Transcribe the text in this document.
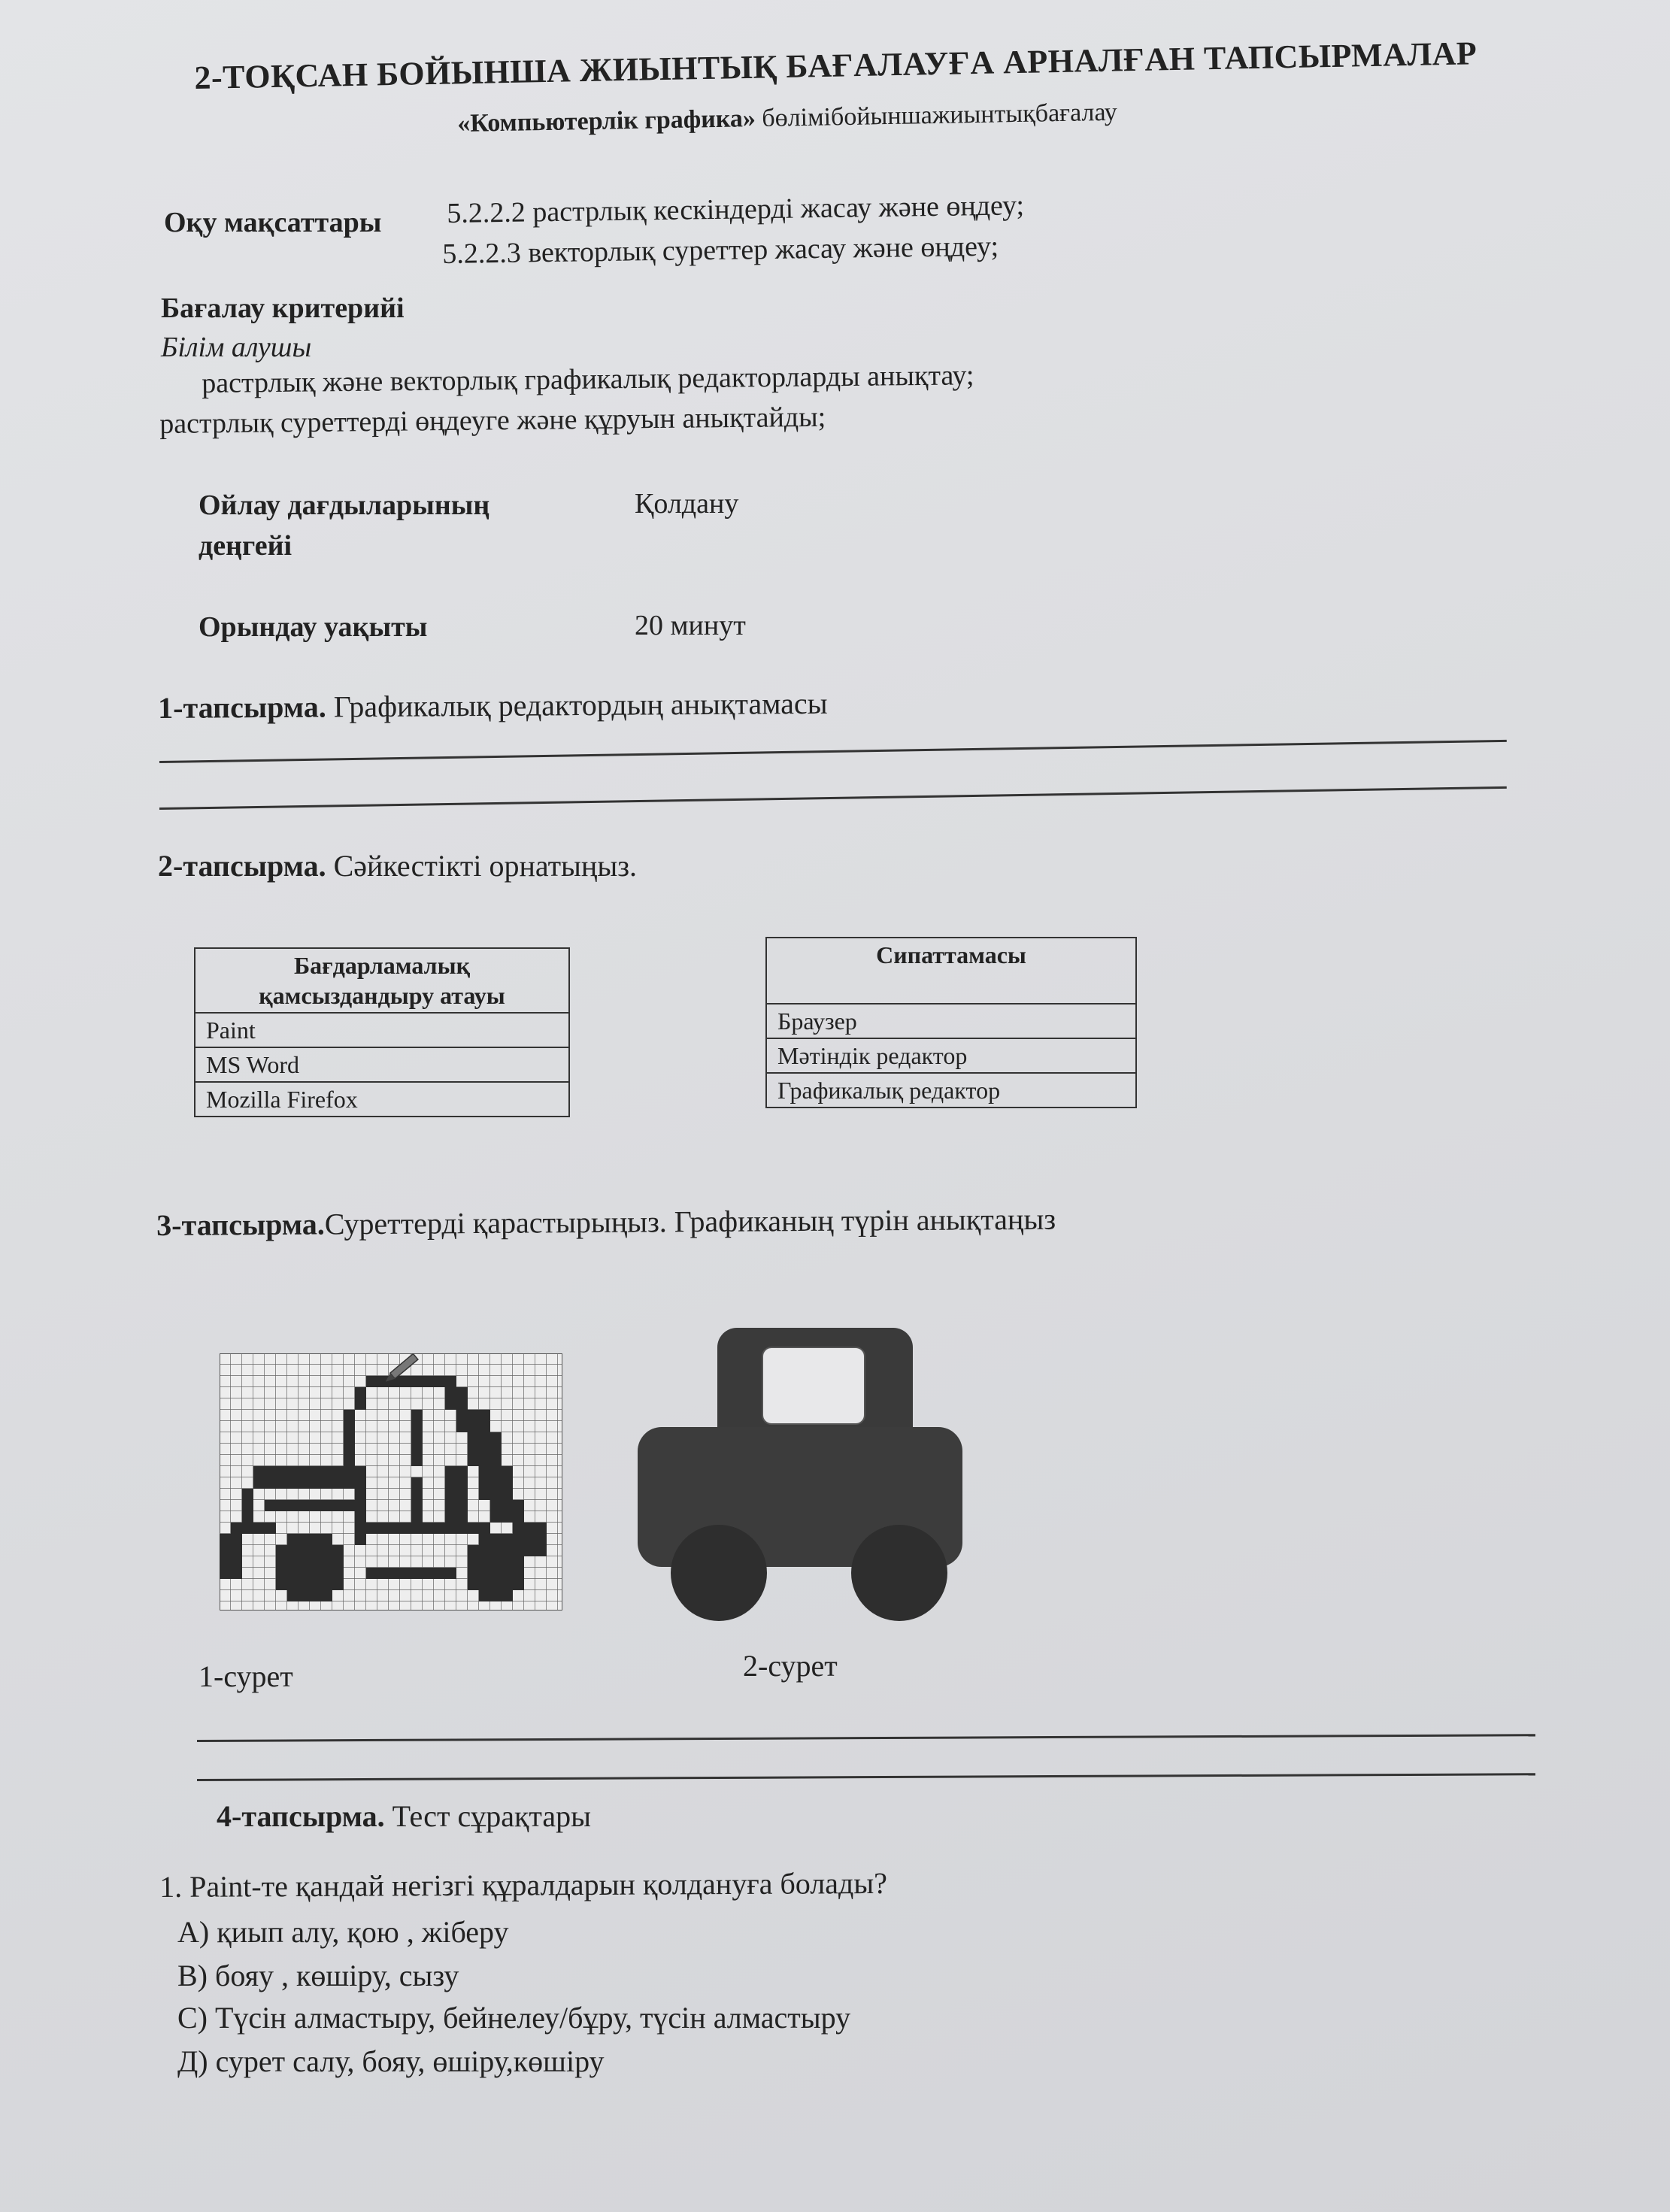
2-ТОҚСАН БОЙЫНША ЖИЫНТЫҚ БАҒАЛАУҒА АРНАЛҒАН ТАПСЫРМАЛАР
«Компьютерлік графика» бөлімібойыншажиынтықбағалау
Оқу мақсаттары 5.2.2.2 растрлық кескіндерді жасау және өңдеу;
5.2.2.3 векторлық суреттер жасау және өңдеу;
Бағалау критерийі
Білім алушы
растрлық және векторлық графикалық редакторларды анықтау;
растрлық суреттерді өңдеуге және құруын анықтайды;
Ойлау дағдыларының
деңгейі
Қолдану
Орындау уақыты	20 минут
1-тапсырма. Графикалық редактордың анықтамасы
2-тапсырма. Сәйкестікті орнатыңыз.
Бағдарламалық
қамсыздандыру атауы
Paint
MS Word
Mozilla Firefox
Сипаттамасы
Браузер
Мәтіндік редактор
Графикалық редактор
3-тапсырма.Суреттерді қарастырыңыз. Графиканың түрін анықтаңыз
1-сурет	2-сурет
4-тапсырма. Тест сұрақтары
1. Paint-те қандай негізгі құралдарын қолдануға болады?
А) қиып алу, қою , жіберу
В) бояу , көшіру, сызу
С) Түсін алмастыру, бейнелеу/бұру, түсін алмастыру
Д) сурет салу, бояу, өшіру,көшіру
